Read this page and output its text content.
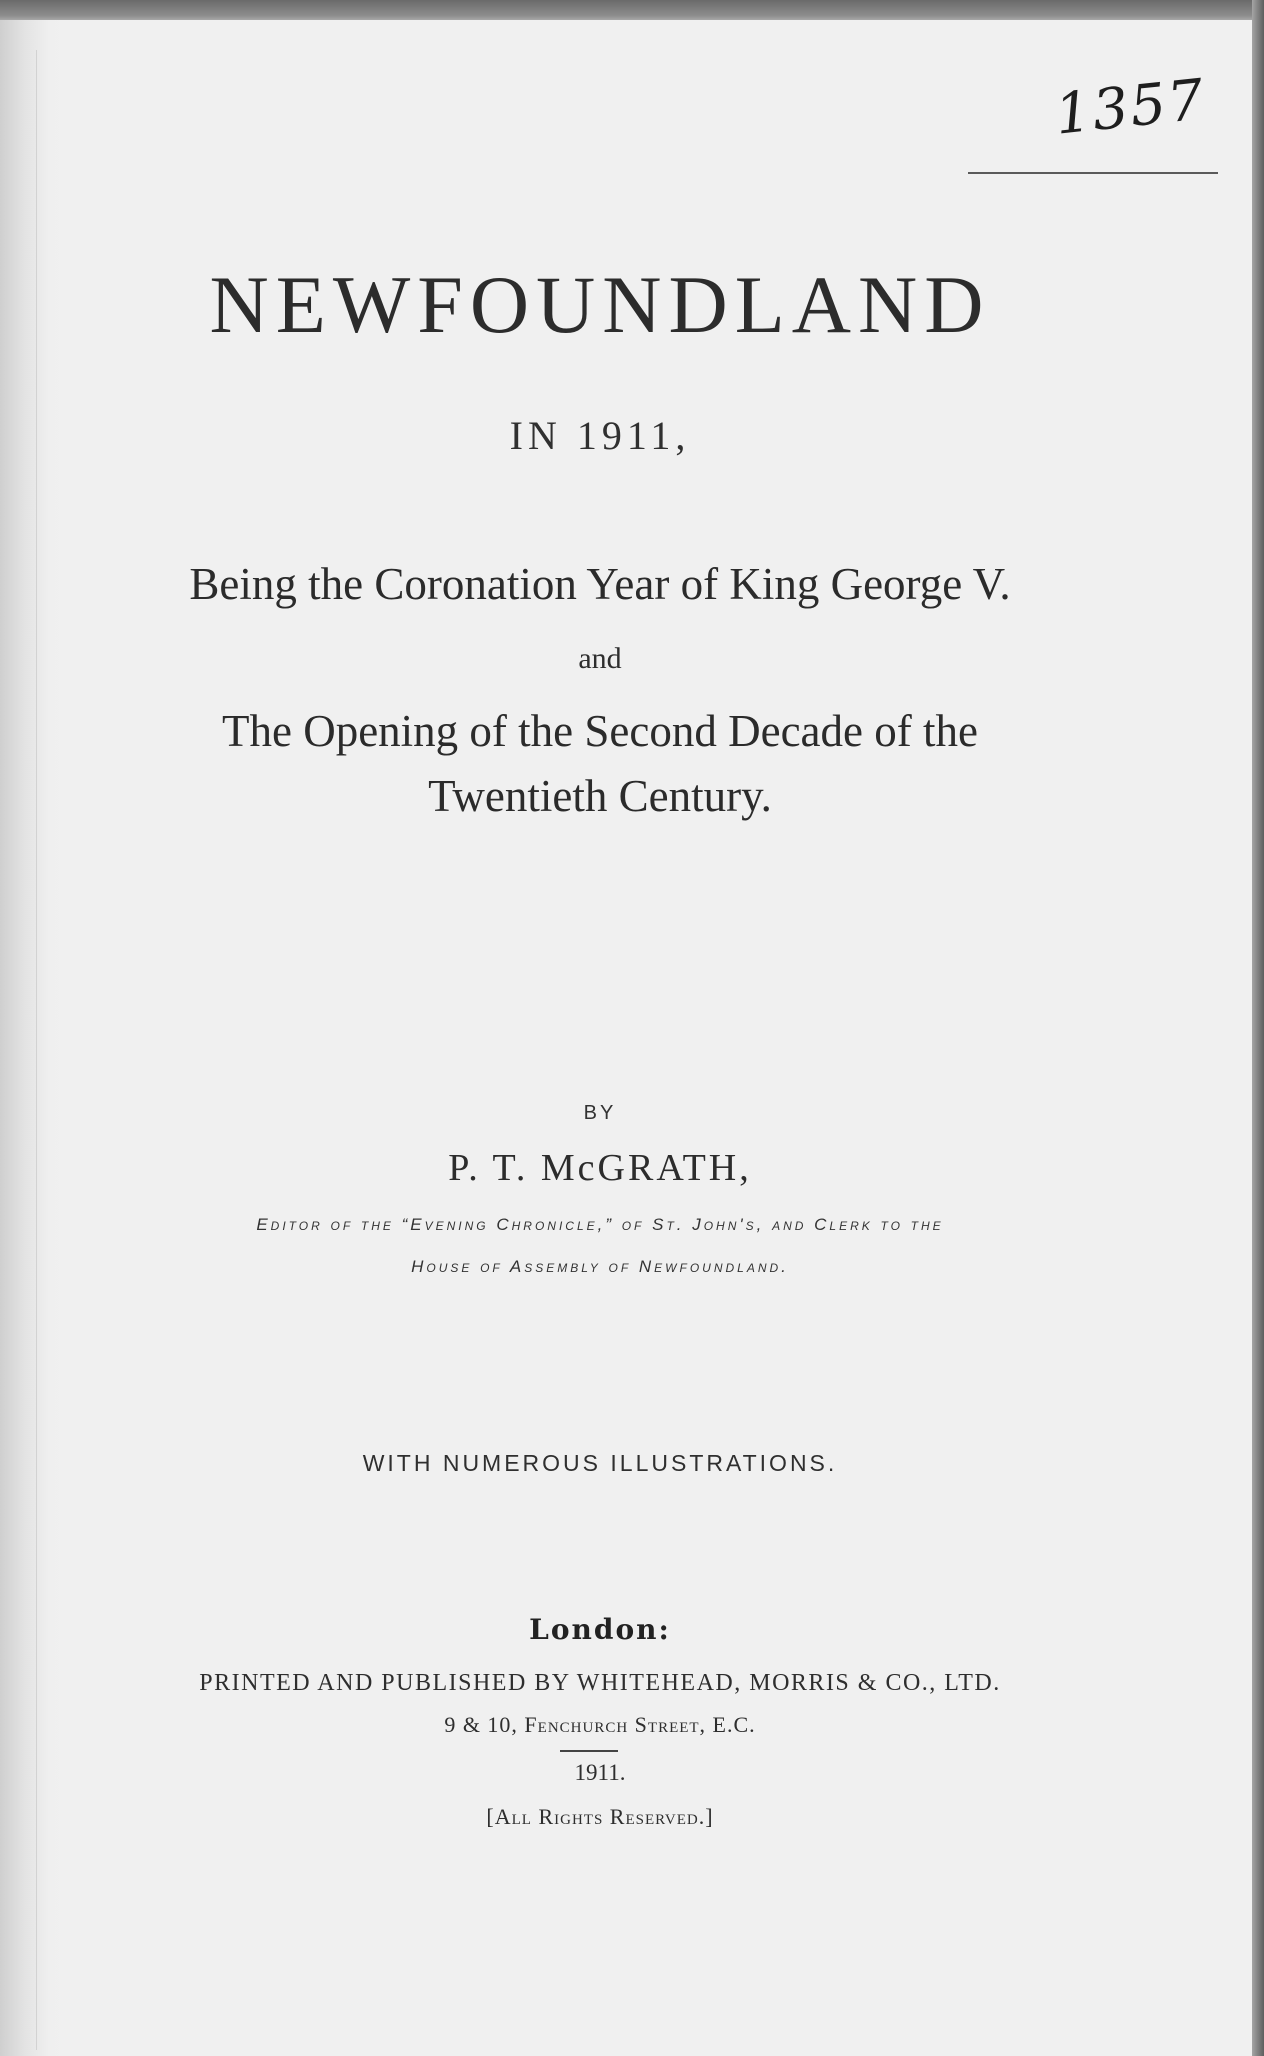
1357
NEWFOUNDLAND
IN 1911,
Being the Coronation Year of King George V.
and
The Opening of the Second Decade of the
Twentieth Century.
BY
P. T. McGRATH,
Editor of the “Evening Chronicle,” of St. John's, and Clerk to the
House of Assembly of Newfoundland.
WITH NUMEROUS ILLUSTRATIONS.
London:
PRINTED AND PUBLISHED BY WHITEHEAD, MORRIS & CO., LTD.
9 & 10, Fenchurch Street, E.C.
1911.
[All Rights Reserved.]
